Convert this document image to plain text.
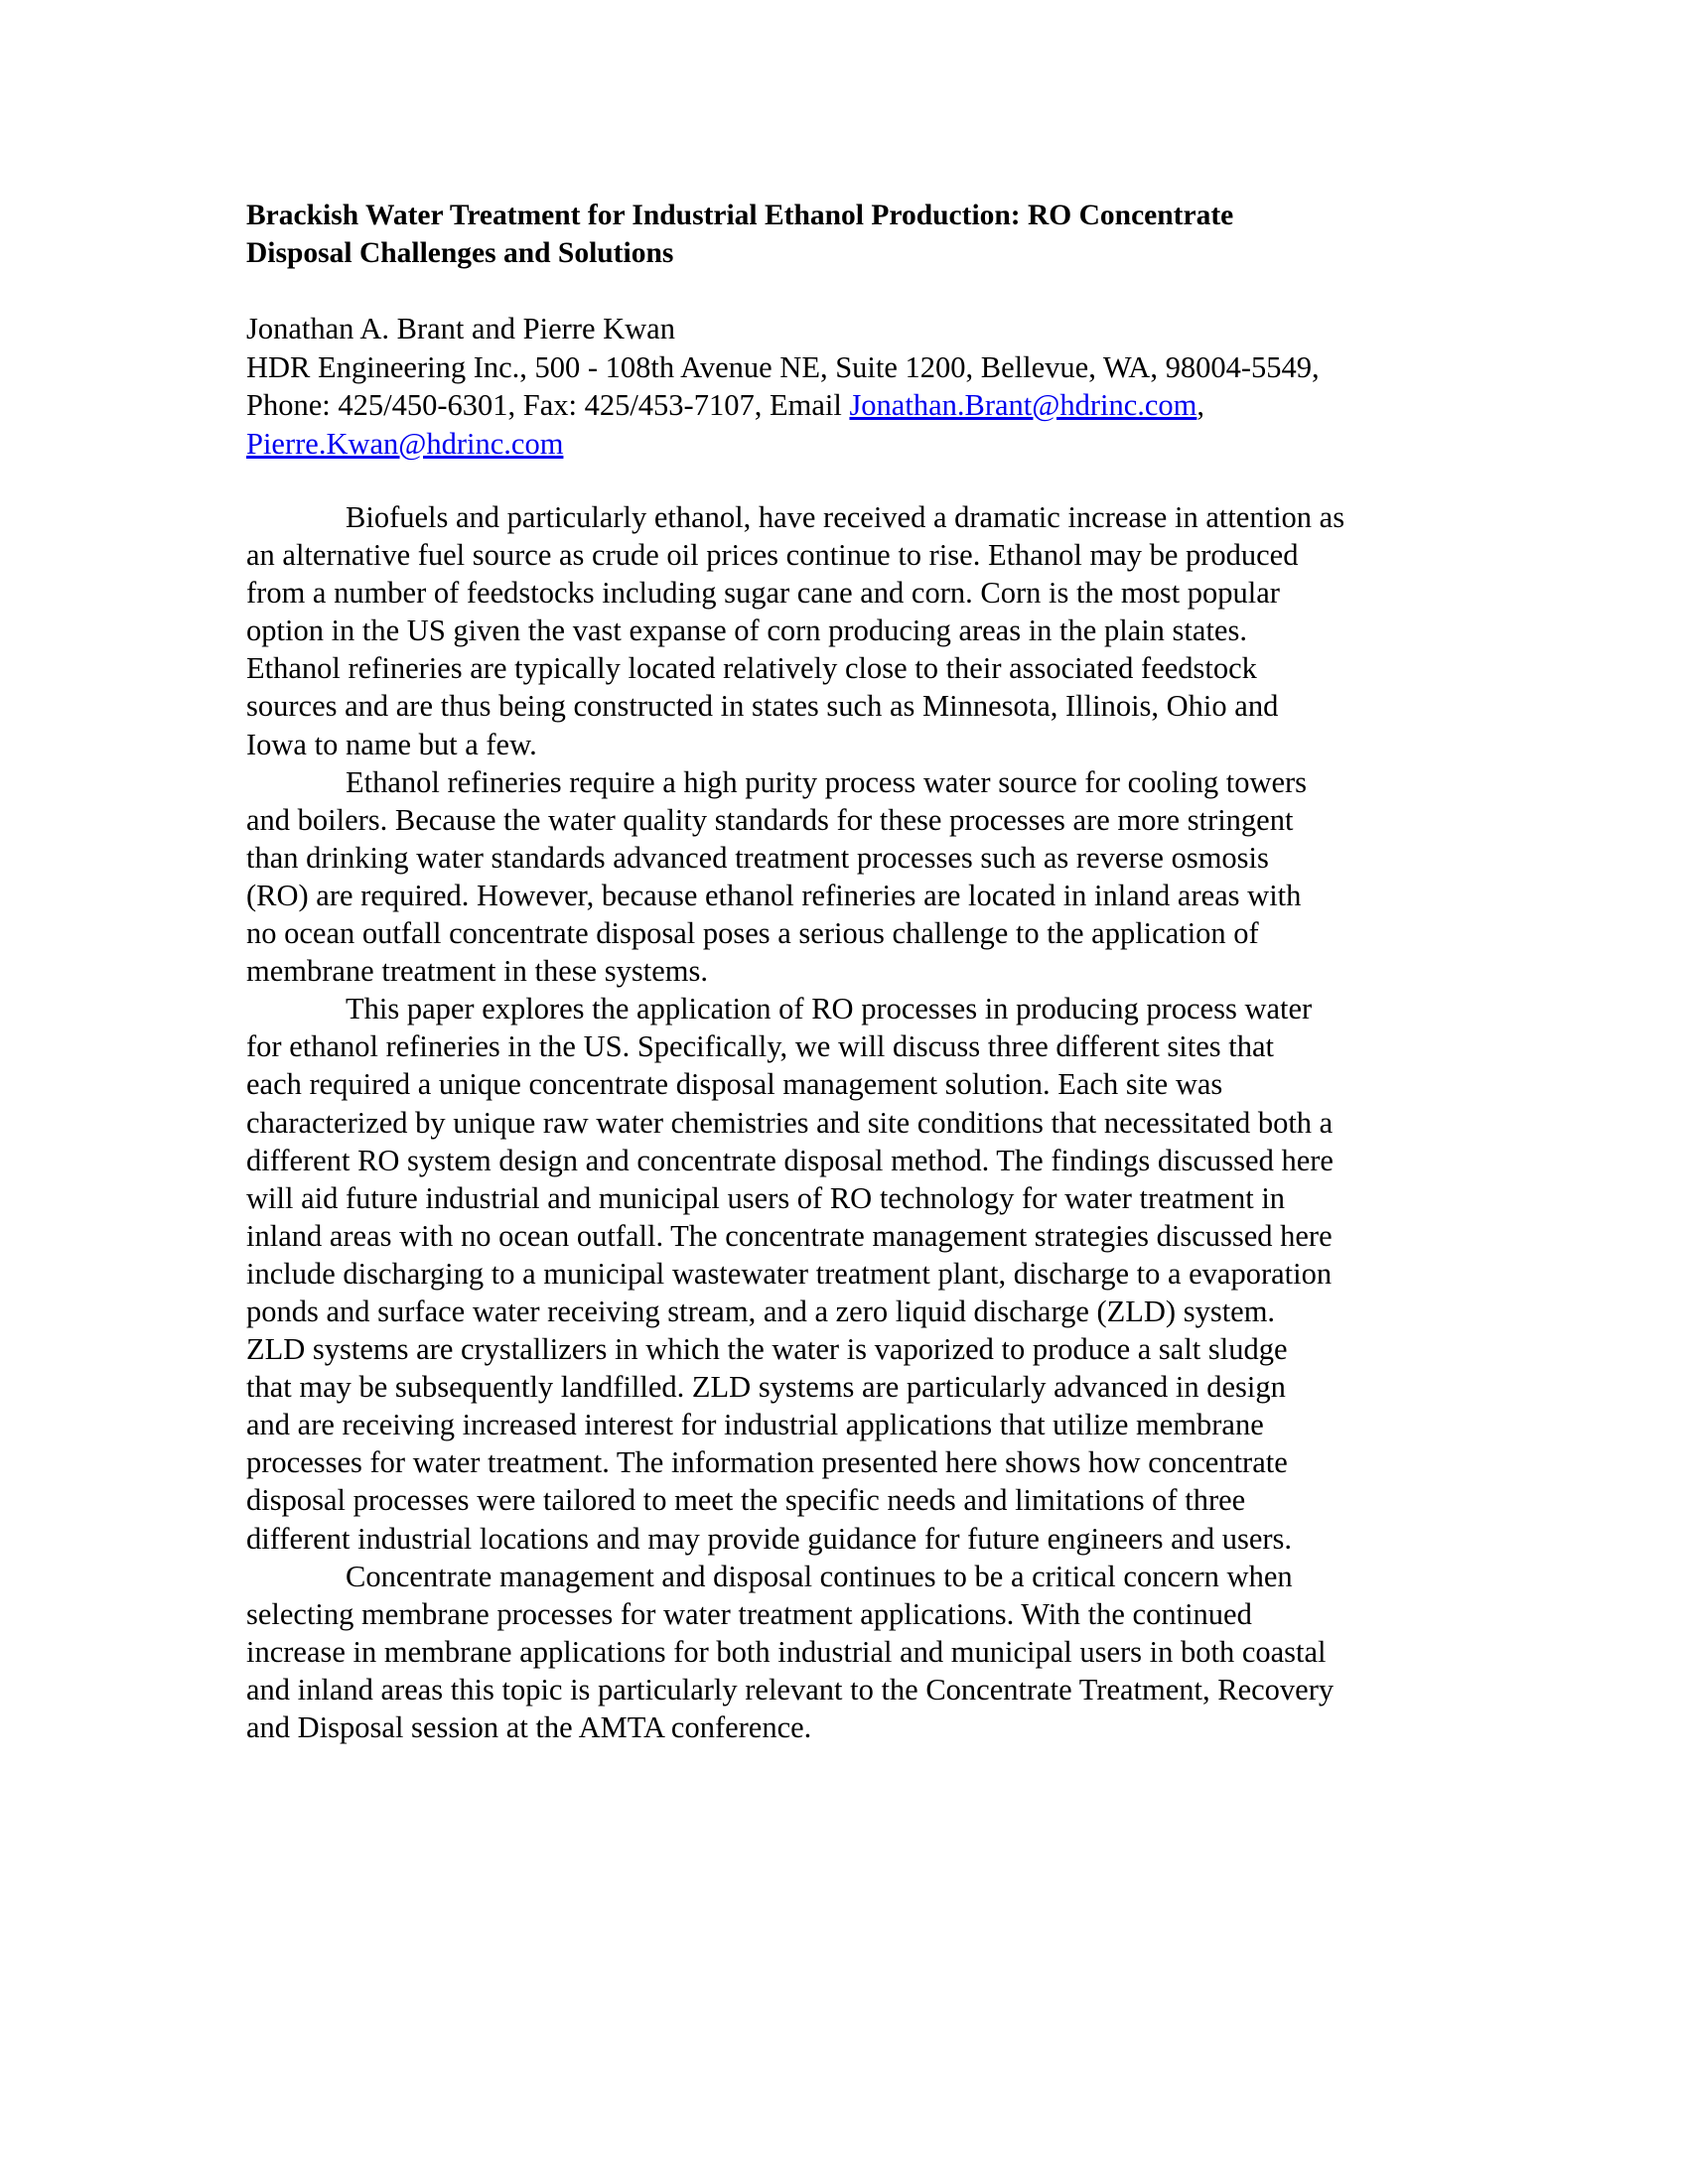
Brackish Water Treatment for Industrial Ethanol Production: RO Concentrate
Disposal Challenges and Solutions
Jonathan A. Brant and Pierre Kwan
HDR Engineering Inc., 500 - 108th Avenue NE, Suite 1200, Bellevue, WA, 98004-5549,
Phone: 425/450-6301, Fax: 425/453-7107, Email Jonathan.Brant@hdrinc.com,
Pierre.Kwan@hdrinc.com
Biofuels and particularly ethanol, have received a dramatic increase in attention as
an alternative fuel source as crude oil prices continue to rise. Ethanol may be produced
from a number of feedstocks including sugar cane and corn. Corn is the most popular
option in the US given the vast expanse of corn producing areas in the plain states.
Ethanol refineries are typically located relatively close to their associated feedstock
sources and are thus being constructed in states such as Minnesota, Illinois, Ohio and
Iowa to name but a few.
Ethanol refineries require a high purity process water source for cooling towers
and boilers. Because the water quality standards for these processes are more stringent
than drinking water standards advanced treatment processes such as reverse osmosis
(RO) are required. However, because ethanol refineries are located in inland areas with
no ocean outfall concentrate disposal poses a serious challenge to the application of
membrane treatment in these systems.
This paper explores the application of RO processes in producing process water
for ethanol refineries in the US. Specifically, we will discuss three different sites that
each required a unique concentrate disposal management solution. Each site was
characterized by unique raw water chemistries and site conditions that necessitated both a
different RO system design and concentrate disposal method. The findings discussed here
will aid future industrial and municipal users of RO technology for water treatment in
inland areas with no ocean outfall. The concentrate management strategies discussed here
include discharging to a municipal wastewater treatment plant, discharge to a evaporation
ponds and surface water receiving stream, and a zero liquid discharge (ZLD) system.
ZLD systems are crystallizers in which the water is vaporized to produce a salt sludge
that may be subsequently landfilled. ZLD systems are particularly advanced in design
and are receiving increased interest for industrial applications that utilize membrane
processes for water treatment. The information presented here shows how concentrate
disposal processes were tailored to meet the specific needs and limitations of three
different industrial locations and may provide guidance for future engineers and users.
Concentrate management and disposal continues to be a critical concern when
selecting membrane processes for water treatment applications. With the continued
increase in membrane applications for both industrial and municipal users in both coastal
and inland areas this topic is particularly relevant to the Concentrate Treatment, Recovery
and Disposal session at the AMTA conference.
